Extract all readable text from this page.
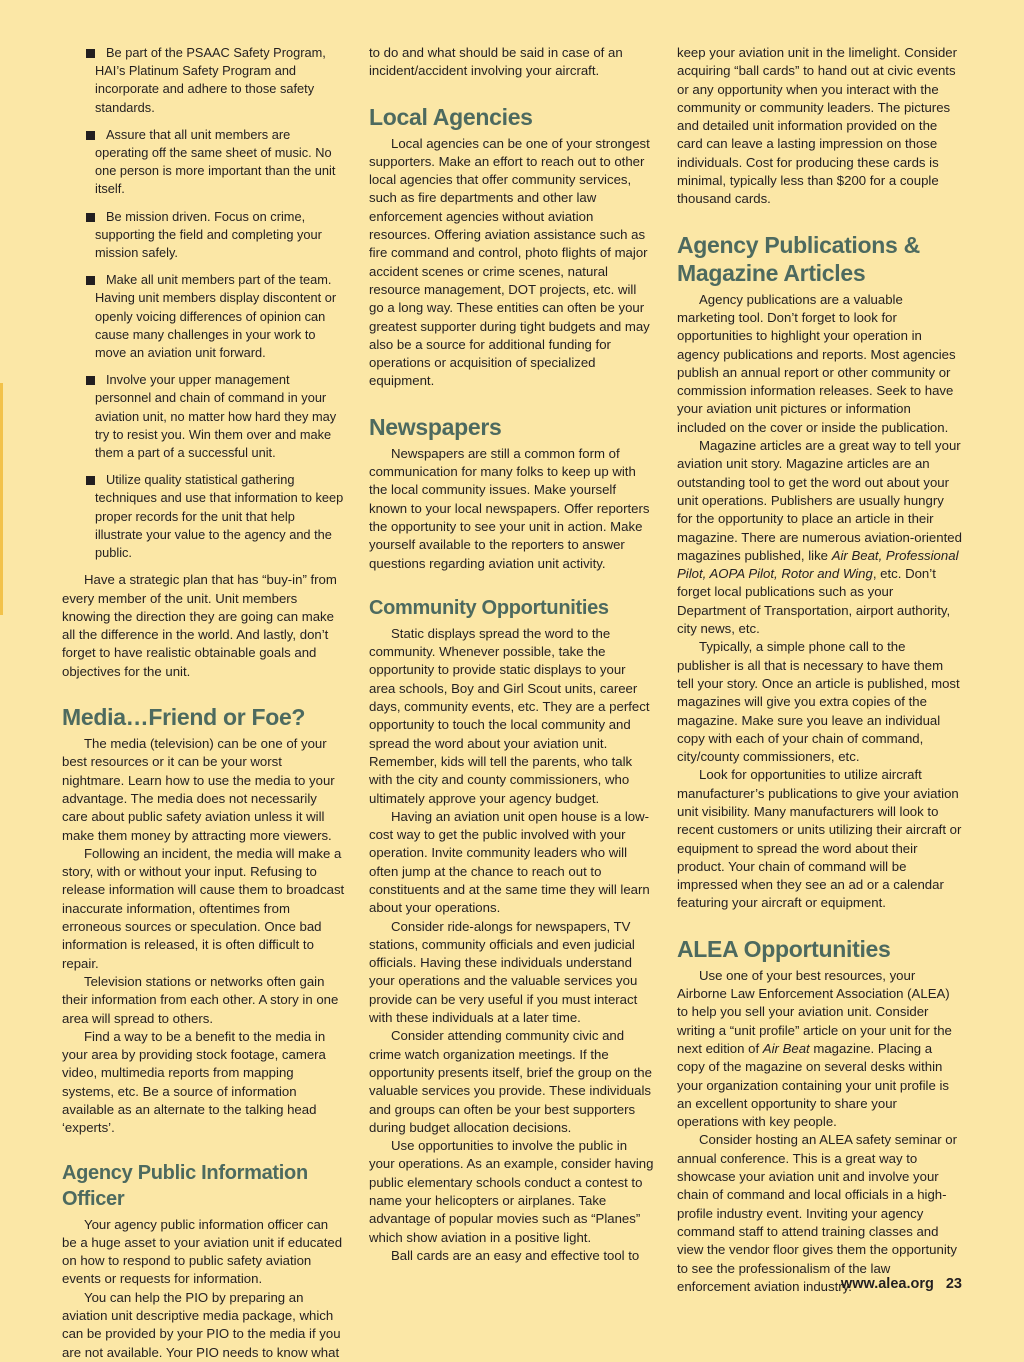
Be part of the PSAAC Safety Program, HAI’s Platinum Safety Program and incorporate and adhere to those safety standards.
Assure that all unit members are operating off the same sheet of music. No one person is more important than the unit itself.
Be mission driven. Focus on crime, supporting the field and completing your mission safely.
Make all unit members part of the team. Having unit members display discontent or openly voicing differences of opinion can cause many challenges in your work to move an aviation unit forward.
Involve your upper management personnel and chain of command in your aviation unit, no matter how hard they may try to resist you. Win them over and make them a part of a successful unit.
Utilize quality statistical gathering techniques and use that information to keep proper records for the unit that help illustrate your value to the agency and the public.

Have a strategic plan that has “buy-in” from every member of the unit. Unit members knowing the direction they are going can make all the difference in the world. And lastly, don’t forget to have realistic obtainable goals and objectives for the unit.

Media…Friend or Foe?

The media (television) can be one of your best resources or it can be your worst nightmare. Learn how to use the media to your advantage. The media does not necessarily care about public safety aviation unless it will make them money by attracting more viewers.

Following an incident, the media will make a story, with or without your input. Refusing to release information will cause them to broadcast inaccurate information, oftentimes from erroneous sources or speculation. Once bad information is released, it is often difficult to repair.

Television stations or networks often gain their information from each other. A story in one area will spread to others.

Find a way to be a benefit to the media in your area by providing stock footage, camera video, multimedia reports from mapping systems, etc. Be a source of information available as an alternate to the talking head ‘experts’.

Agency Public Information Officer

Your agency public information officer can be a huge asset to your aviation unit if educated on how to respond to public safety aviation events or requests for information.

You can help the PIO by preparing an aviation unit descriptive media package, which can be provided by your PIO to the media if you are not available. Your PIO needs to know what

to do and what should be said in case of an incident/accident involving your aircraft.

Local Agencies

Local agencies can be one of your strongest supporters. Make an effort to reach out to other local agencies that offer community services, such as fire departments and other law enforcement agencies without aviation resources. Offering aviation assistance such as fire command and control, photo flights of major accident scenes or crime scenes, natural resource management, DOT projects, etc. will go a long way. These entities can often be your greatest supporter during tight budgets and may also be a source for additional funding for operations or acquisition of specialized equipment.

Newspapers

Newspapers are still a common form of communication for many folks to keep up with the local community issues. Make yourself known to your local newspapers. Offer reporters the opportunity to see your unit in action. Make yourself available to the reporters to answer questions regarding aviation unit activity.

Community Opportunities

Static displays spread the word to the community. Whenever possible, take the opportunity to provide static displays to your area schools, Boy and Girl Scout units, career days, community events, etc. They are a perfect opportunity to touch the local community and spread the word about your aviation unit. Remember, kids will tell the parents, who talk with the city and county commissioners, who ultimately approve your agency budget.

Having an aviation unit open house is a low-cost way to get the public involved with your operation. Invite community leaders who will often jump at the chance to reach out to constituents and at the same time they will learn about your operations.

Consider ride-alongs for newspapers, TV stations, community officials and even judicial officials. Having these individuals understand your operations and the valuable services you provide can be very useful if you must interact with these individuals at a later time.

Consider attending community civic and crime watch organization meetings. If the opportunity presents itself, brief the group on the valuable services you provide. These individuals and groups can often be your best supporters during budget allocation decisions.

Use opportunities to involve the public in your operations. As an example, consider having public elementary schools conduct a contest to name your helicopters or airplanes. Take advantage of popular movies such as “Planes” which show aviation in a positive light.

Ball cards are an easy and effective tool to

keep your aviation unit in the limelight. Consider acquiring “ball cards” to hand out at civic events or any opportunity when you interact with the community or community leaders. The pictures and detailed unit information provided on the card can leave a lasting impression on those individuals. Cost for producing these cards is minimal, typically less than $200 for a couple thousand cards.

Agency Publications & Magazine Articles

Agency publications are a valuable marketing tool. Don’t forget to look for opportunities to highlight your operation in agency publications and reports. Most agencies publish an annual report or other community or commission information releases. Seek to have your aviation unit pictures or information included on the cover or inside the publication.

Magazine articles are a great way to tell your aviation unit story. Magazine articles are an outstanding tool to get the word out about your unit operations. Publishers are usually hungry for the opportunity to place an article in their magazine. There are numerous aviation-oriented magazines published, like Air Beat, Professional Pilot, AOPA Pilot, Rotor and Wing, etc. Don’t forget local publications such as your Department of Transportation, airport authority, city news, etc.

Typically, a simple phone call to the publisher is all that is necessary to have them tell your story. Once an article is published, most magazines will give you extra copies of the magazine. Make sure you leave an individual copy with each of your chain of command, city/county commissioners, etc.

Look for opportunities to utilize aircraft manufacturer’s publications to give your aviation unit visibility. Many manufacturers will look to recent customers or units utilizing their aircraft or equipment to spread the word about their product. Your chain of command will be impressed when they see an ad or a calendar featuring your aircraft or equipment.

ALEA Opportunities

Use one of your best resources, your Airborne Law Enforcement Association (ALEA) to help you sell your aviation unit. Consider writing a “unit profile” article on your unit for the next edition of Air Beat magazine. Placing a copy of the magazine on several desks within your organization containing your unit profile is an excellent opportunity to share your operations with key people.

Consider hosting an ALEA safety seminar or annual conference. This is a great way to showcase your aviation unit and involve your chain of command and local officials in a high-profile industry event. Inviting your agency command staff to attend training classes and view the vendor floor gives them the opportunity to see the professionalism of the law enforcement aviation industry.

www.alea.org 23
